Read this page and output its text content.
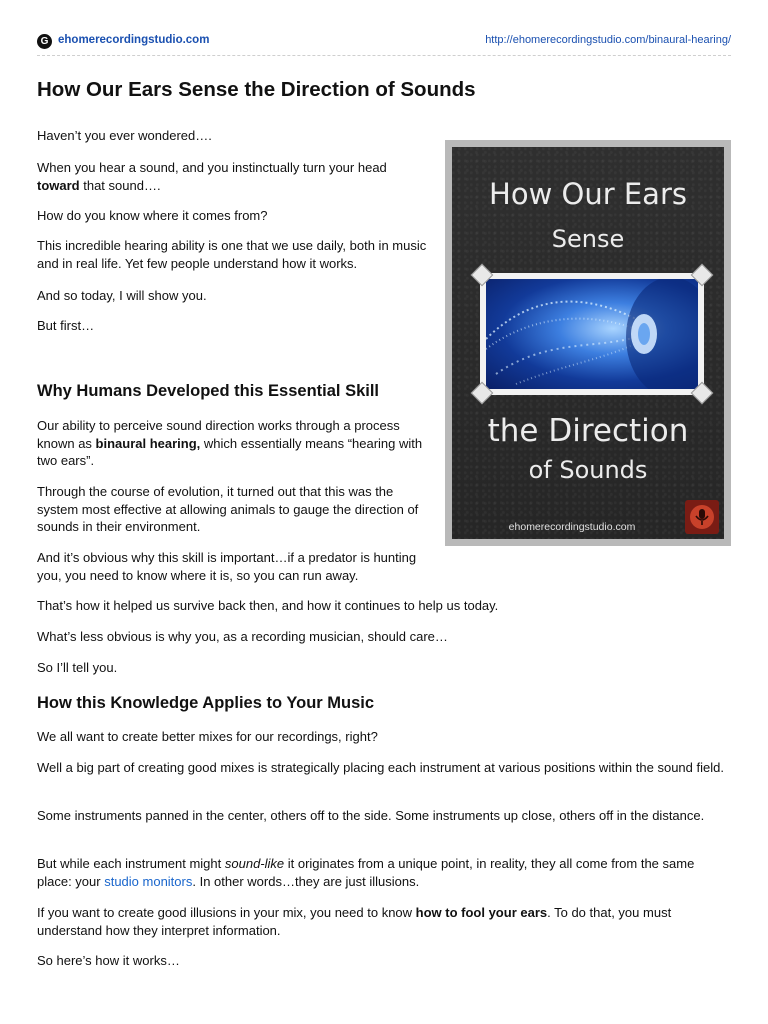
G ehomerecordingstudio.com	http://ehomerecordingstudio.com/binaural-hearing/
How Our Ears Sense the Direction of Sounds

Haven’t you ever wondered….

When you hear a sound, and you instinctually turn your head
toward that sound….

How do you know where it comes from?

This incredible hearing ability is one that we use daily, both in music and in real life. Yet few people understand how it works.

And so today, I will show you.

But first…

Why Humans Developed this Essential Skill

Our ability to perceive sound direction works through a process known as binaural hearing, which essentially means “hearing with two ears”.

Through the course of evolution, it turned out that this was the system most effective at allowing animals to gauge the direction of sounds in their environment.

And it’s obvious why this skill is important…if a predator is hunting you, you need to know where it is, so you can run away.

That’s how it helped us survive back then, and how it continues to help us today.

What’s less obvious is why you, as a recording musician, should care…

So I’ll tell you.

How this Knowledge Applies to Your Music

We all want to create better mixes for our recordings, right?

Well a big part of creating good mixes is strategically placing each instrument at various positions within the sound field.

Some instruments panned in the center, others off to the side. Some instruments up close, others off in the distance.

But while each instrument might sound-like it originates from a unique point, in reality, they all come from the same place: your studio monitors. In other words…they are just illusions.

If you want to create good illusions in your mix, you need to know how to fool your ears. To do that, you must understand how they interpret information.

So here’s how it works…

How Our Ears
Sense
the Direction
of Sounds
ehomerecordingstudio.com
